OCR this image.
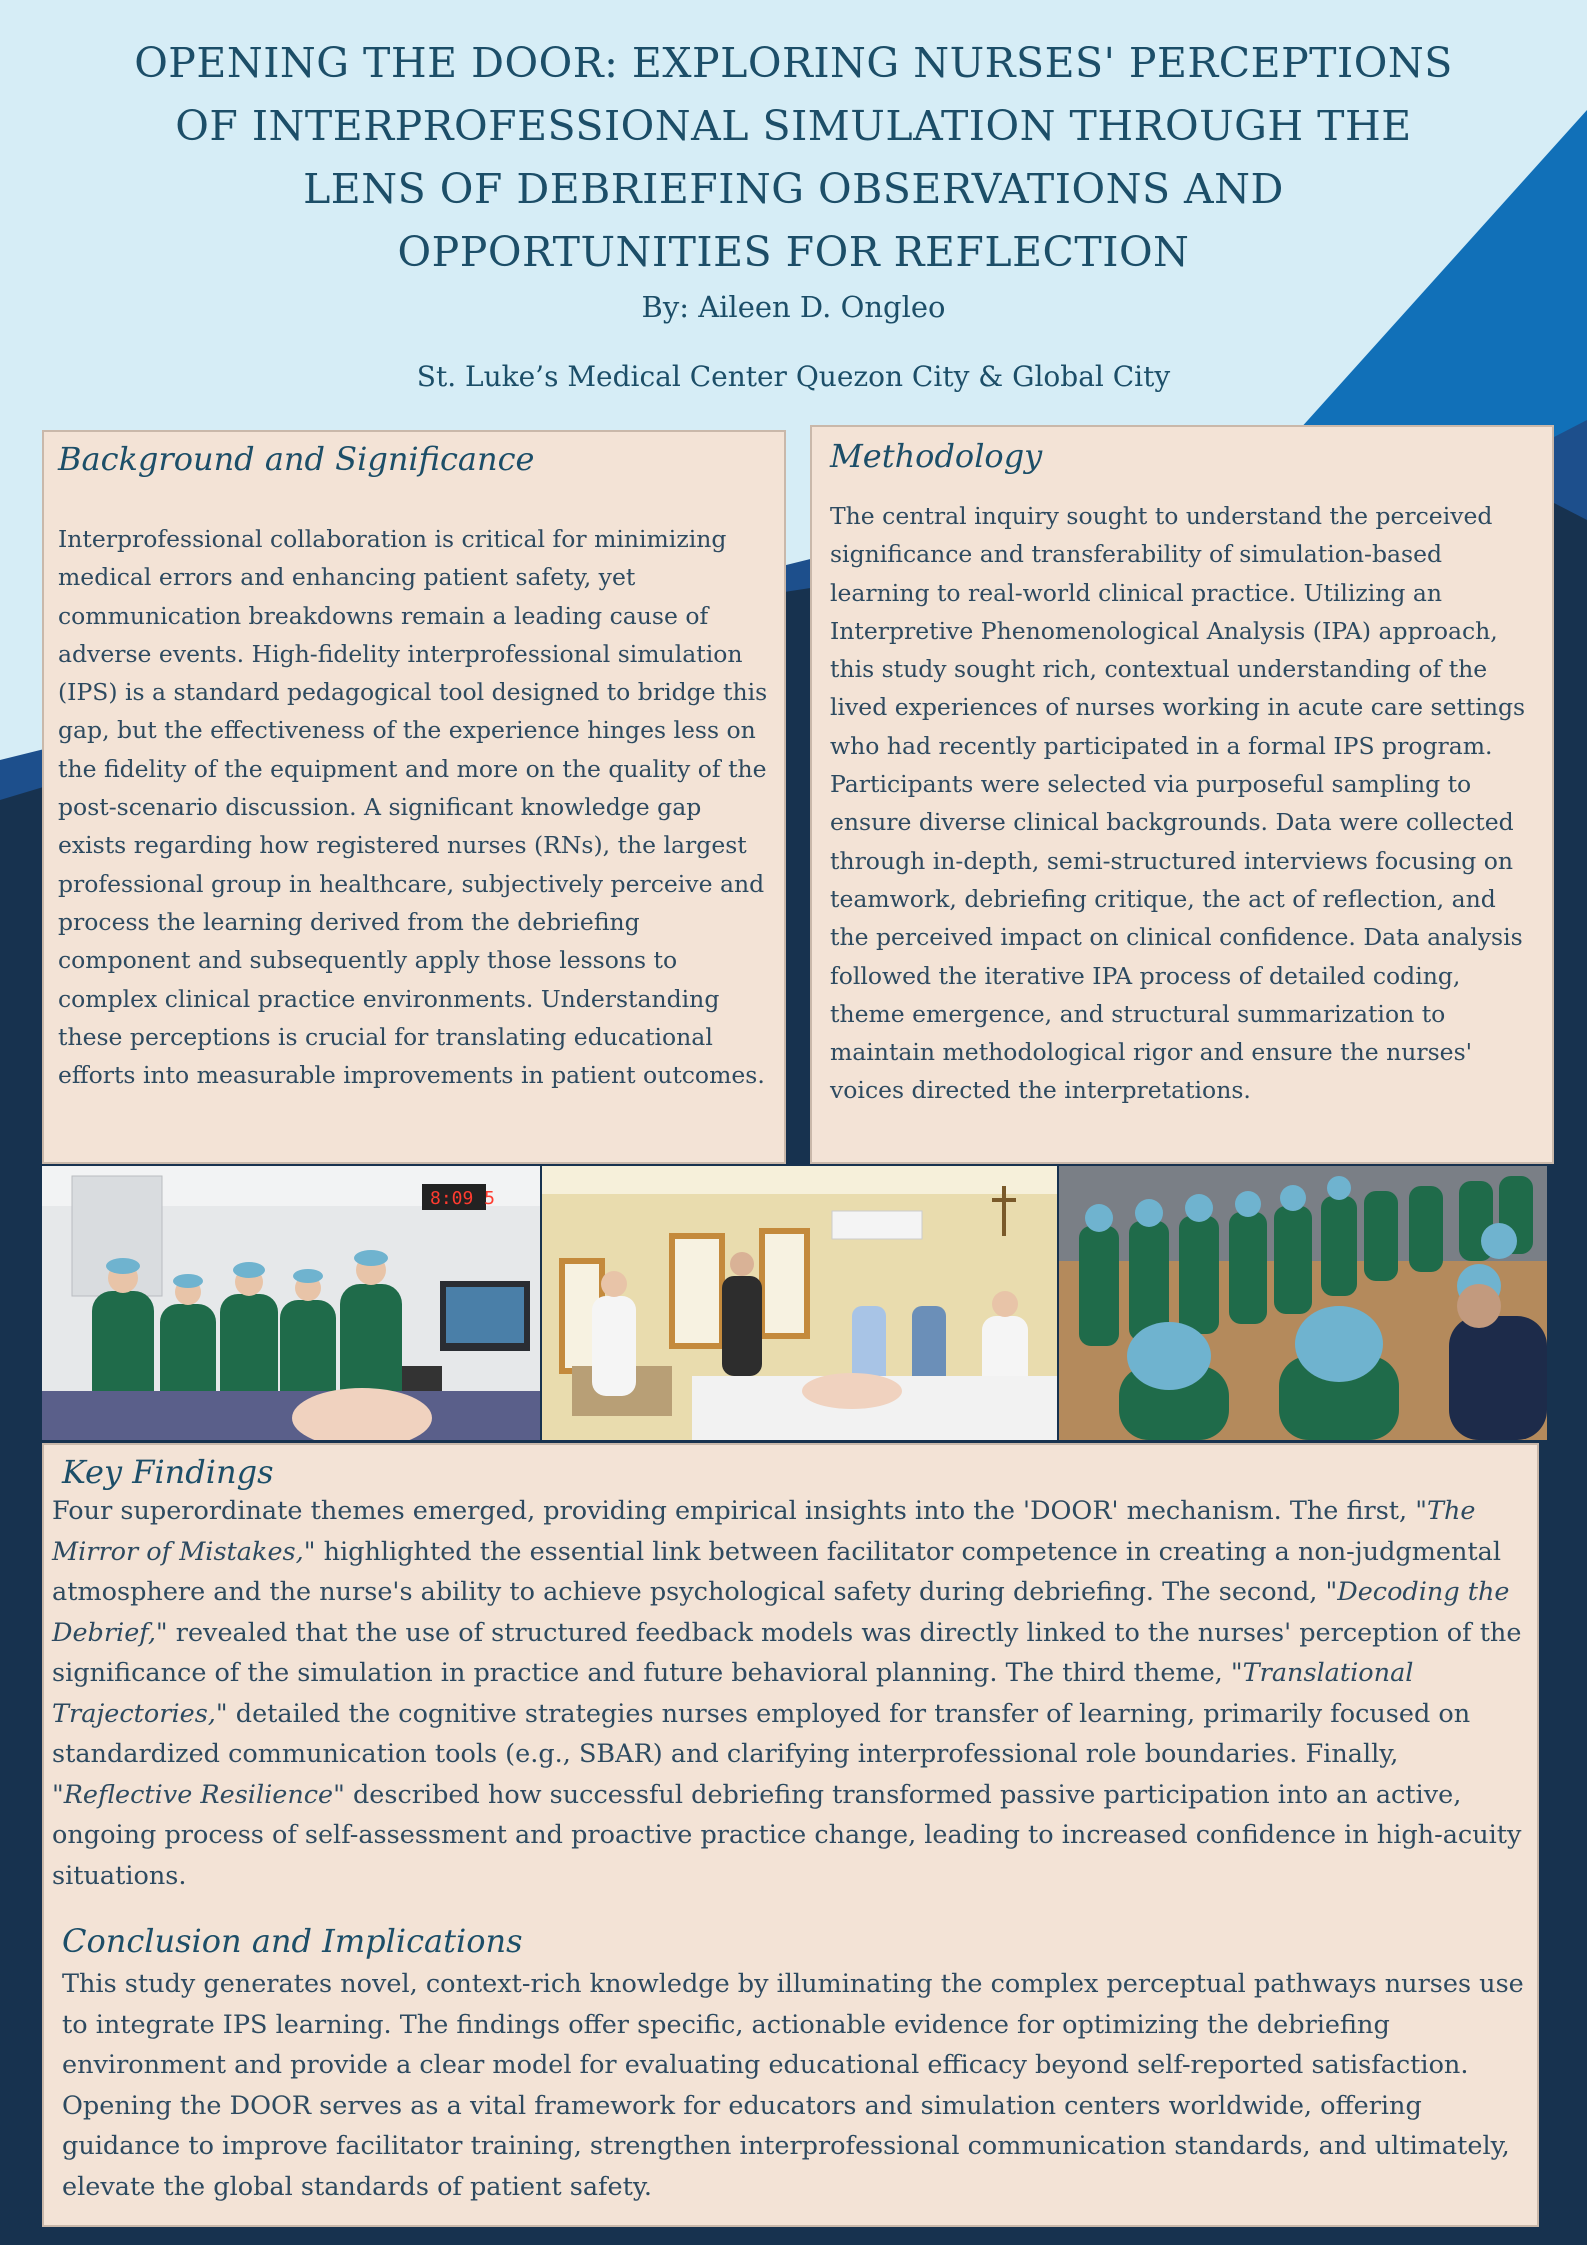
OPENING THE DOOR: EXPLORING NURSES' PERCEPTIONS OF INTERPROFESSIONAL SIMULATION THROUGH THE LENS OF DEBRIEFING OBSERVATIONS AND OPPORTUNITIES FOR REFLECTION
By: Aileen D. Ongleo
St. Luke’s Medical Center Quezon City & Global City
Background and Significance

Interprofessional collaboration is critical for minimizing medical errors and enhancing patient safety, yet communication breakdowns remain a leading cause of adverse events. High-fidelity interprofessional simulation (IPS) is a standard pedagogical tool designed to bridge this gap, but the effectiveness of the experience hinges less on the fidelity of the equipment and more on the quality of the post-scenario discussion. A significant knowledge gap exists regarding how registered nurses (RNs), the largest professional group in healthcare, subjectively perceive and process the learning derived from the debriefing component and subsequently apply those lessons to complex clinical practice environments. Understanding these perceptions is crucial for translating educational efforts into measurable improvements in patient outcomes.

Methodology

The central inquiry sought to understand the perceived significance and transferability of simulation-based learning to real-world clinical practice. Utilizing an Interpretive Phenomenological Analysis (IPA) approach, this study sought rich, contextual understanding of the lived experiences of nurses working in acute care settings who had recently participated in a formal IPS program. Participants were selected via purposeful sampling to ensure diverse clinical backgrounds. Data were collected through in-depth, semi-structured interviews focusing on teamwork, debriefing critique, the act of reflection, and the perceived impact on clinical confidence. Data analysis followed the iterative IPA process of detailed coding, theme emergence, and structural summarization to maintain methodological rigor and ensure the nurses' voices directed the interpretations.

8:09 5
Key Findings

Four superordinate themes emerged, providing empirical insights into the 'DOOR' mechanism. The first, "The Mirror of Mistakes," highlighted the essential link between facilitator competence in creating a non-judgmental atmosphere and the nurse's ability to achieve psychological safety during debriefing. The second, "Decoding the Debrief," revealed that the use of structured feedback models was directly linked to the nurses' perception of the significance of the simulation in practice and future behavioral planning. The third theme, "Translational Trajectories," detailed the cognitive strategies nurses employed for transfer of learning, primarily focused on standardized communication tools (e.g., SBAR) and clarifying interprofessional role boundaries. Finally, "Reflective Resilience" described how successful debriefing transformed passive participation into an active, ongoing process of self-assessment and proactive practice change, leading to increased confidence in high-acuity situations.

Conclusion and Implications

This study generates novel, context-rich knowledge by illuminating the complex perceptual pathways nurses use to integrate IPS learning. The findings offer specific, actionable evidence for optimizing the debriefing environment and provide a clear model for evaluating educational efficacy beyond self-reported satisfaction. Opening the DOOR serves as a vital framework for educators and simulation centers worldwide, offering guidance to improve facilitator training, strengthen interprofessional communication standards, and ultimately, elevate the global standards of patient safety.
